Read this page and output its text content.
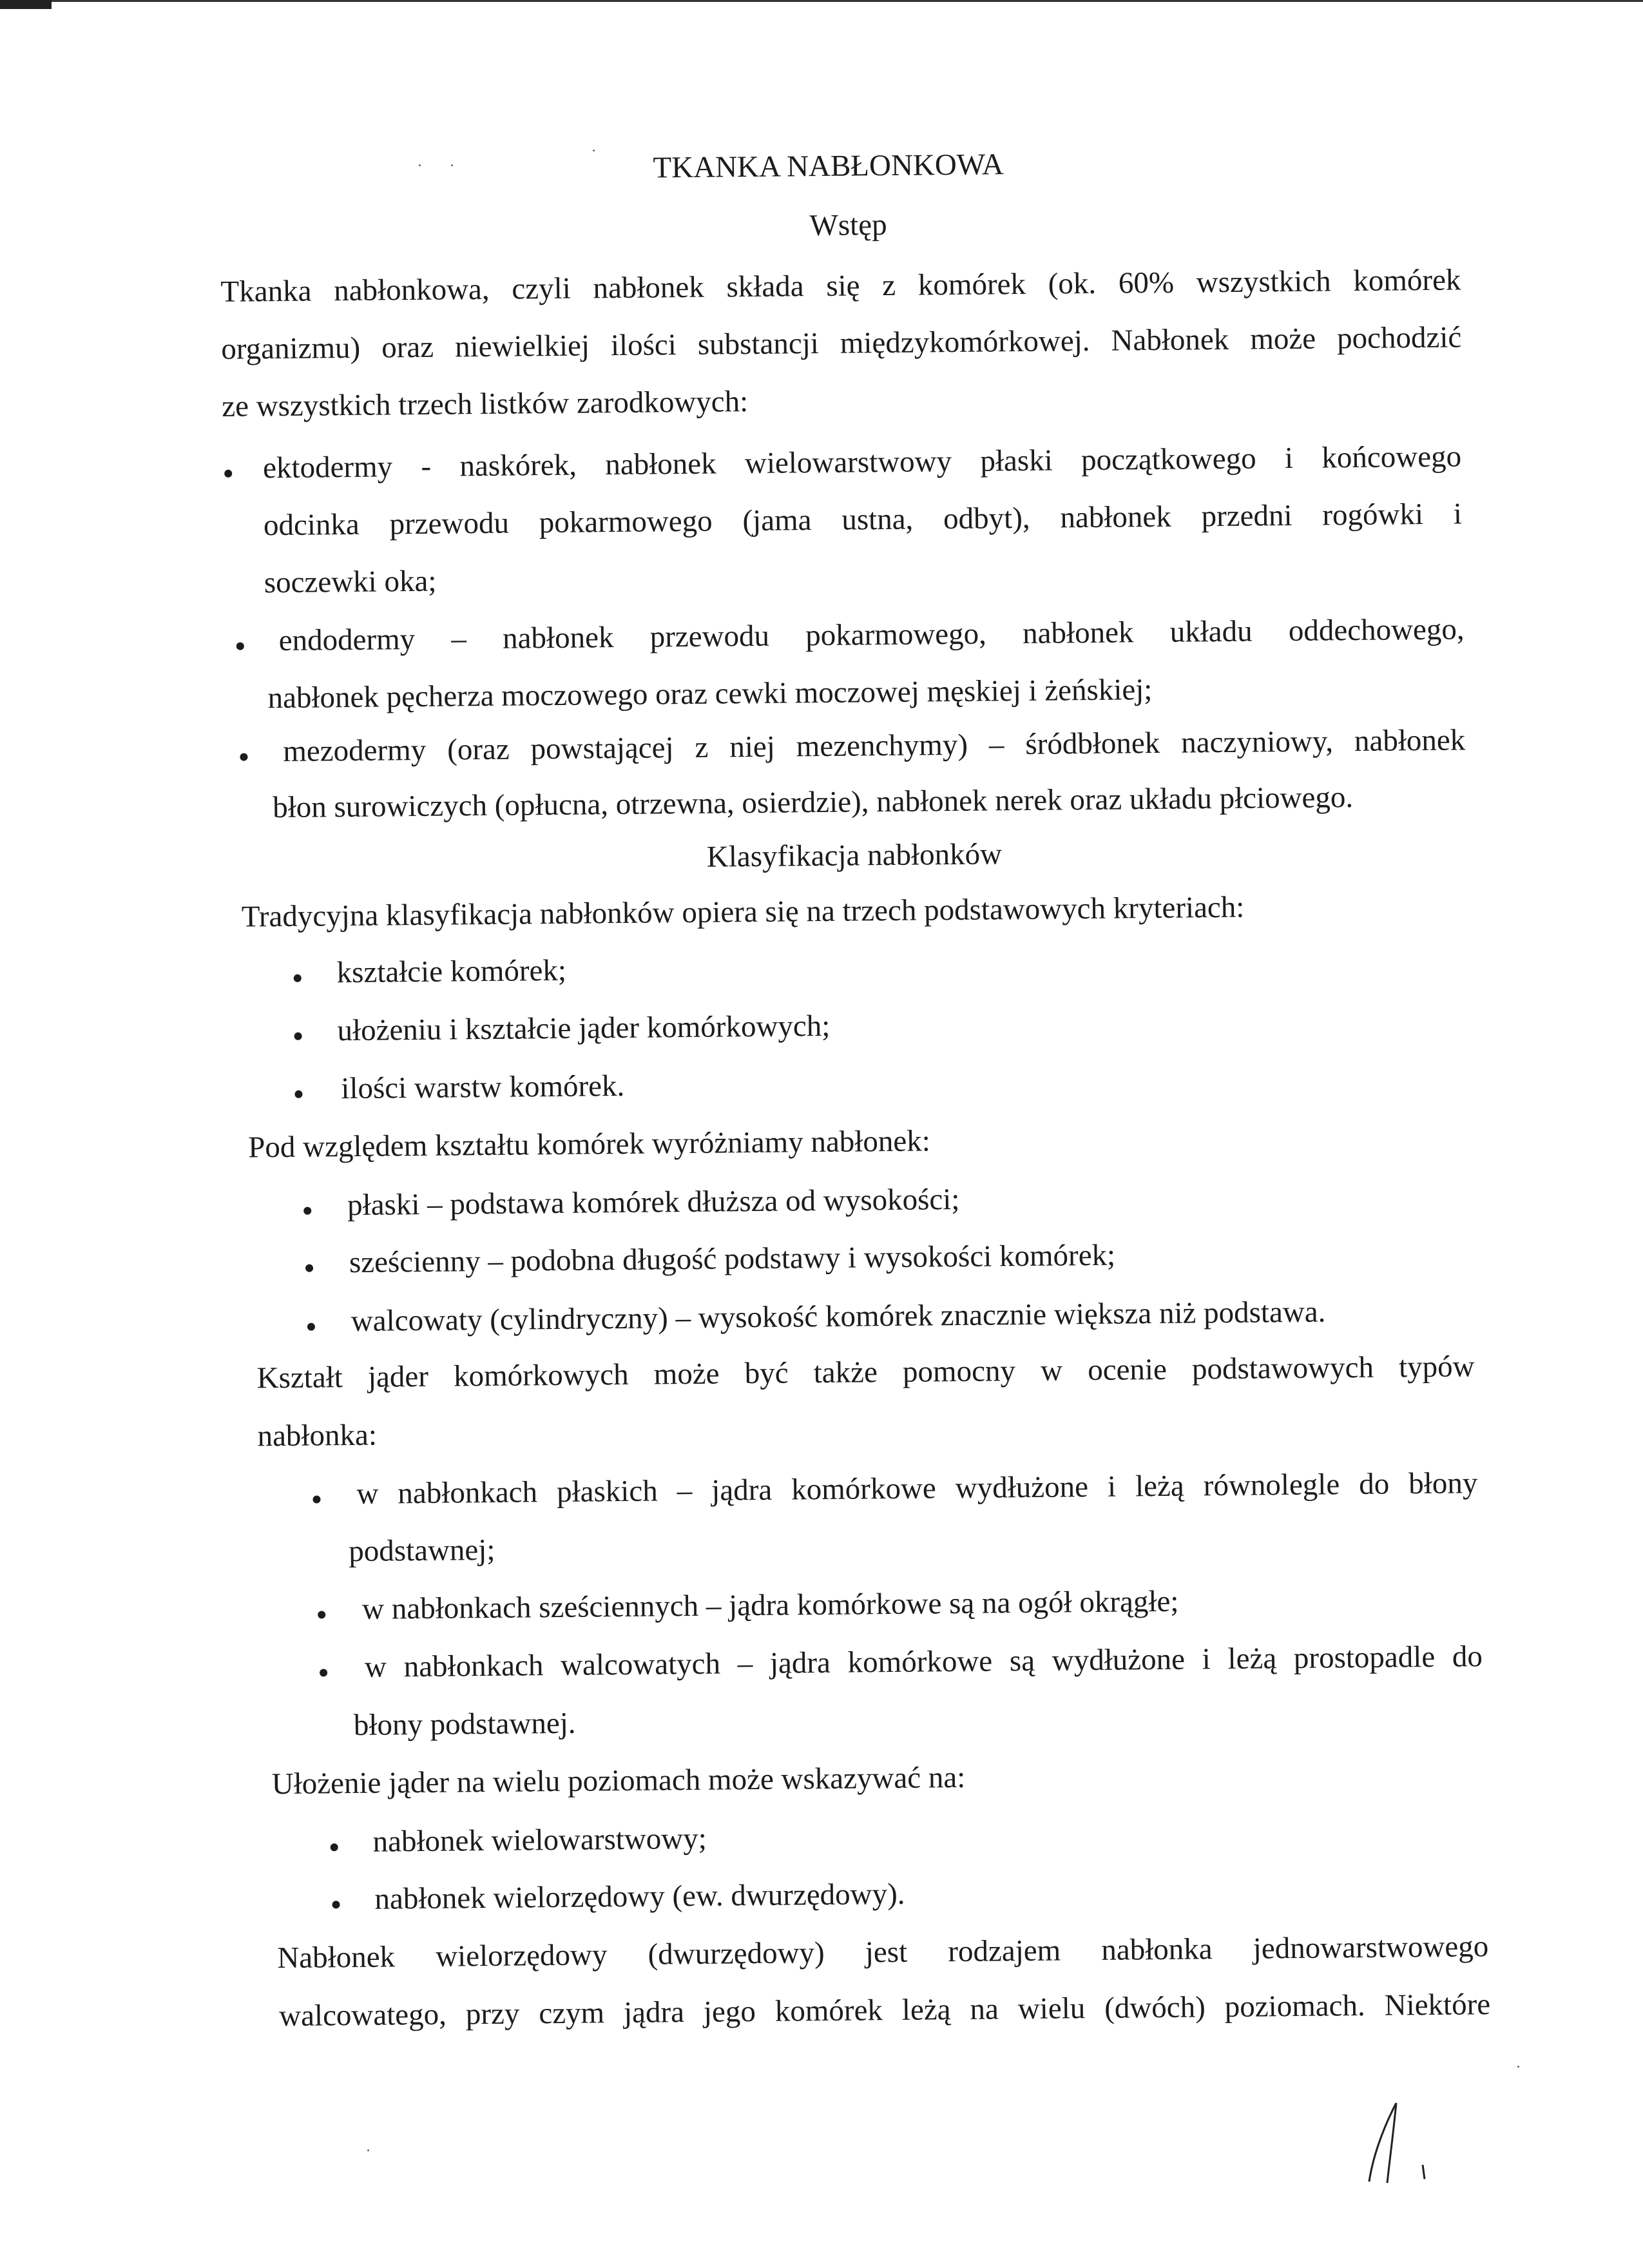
TKANKA NABŁONKOWA
Wstęp
Tkanka nabłonkowa, czyli nabłonek składa się z komórek (ok. 60% wszystkich komórek
organizmu) oraz niewielkiej ilości substancji międzykomórkowej. Nabłonek może pochodzić
ze wszystkich trzech listków zarodkowych:
ektodermy - naskórek, nabłonek wielowarstwowy płaski początkowego i końcowego
odcinka przewodu pokarmowego (jama ustna, odbyt), nabłonek przedni rogówki i
soczewki oka;
endodermy – nabłonek przewodu pokarmowego, nabłonek układu oddechowego,
nabłonek pęcherza moczowego oraz cewki moczowej męskiej i żeńskiej;
mezodermy (oraz powstającej z niej mezenchymy) – śródbłonek naczyniowy, nabłonek
błon surowiczych (opłucna, otrzewna, osierdzie), nabłonek nerek oraz układu płciowego.
Klasyfikacja nabłonków
Tradycyjna klasyfikacja nabłonków opiera się na trzech podstawowych kryteriach:
kształcie komórek;
ułożeniu i kształcie jąder komórkowych;
ilości warstw komórek.
Pod względem kształtu komórek wyróżniamy nabłonek:
płaski – podstawa komórek dłuższa od wysokości;
sześcienny – podobna długość podstawy i wysokości komórek;
walcowaty (cylindryczny) – wysokość komórek znacznie większa niż podstawa.
Kształt jąder komórkowych może być także pomocny w ocenie podstawowych typów
nabłonka:
w nabłonkach płaskich – jądra komórkowe wydłużone i leżą równolegle do błony
podstawnej;
w nabłonkach sześciennych – jądra komórkowe są na ogół okrągłe;
w nabłonkach walcowatych – jądra komórkowe są wydłużone i leżą prostopadle do
błony podstawnej.
Ułożenie jąder na wielu poziomach może wskazywać na:
nabłonek wielowarstwowy;
nabłonek wielorzędowy (ew. dwurzędowy).
Nabłonek wielorzędowy (dwurzędowy) jest rodzajem nabłonka jednowarstwowego
walcowatego, przy czym jądra jego komórek leżą na wielu (dwóch) poziomach. Niektóre
